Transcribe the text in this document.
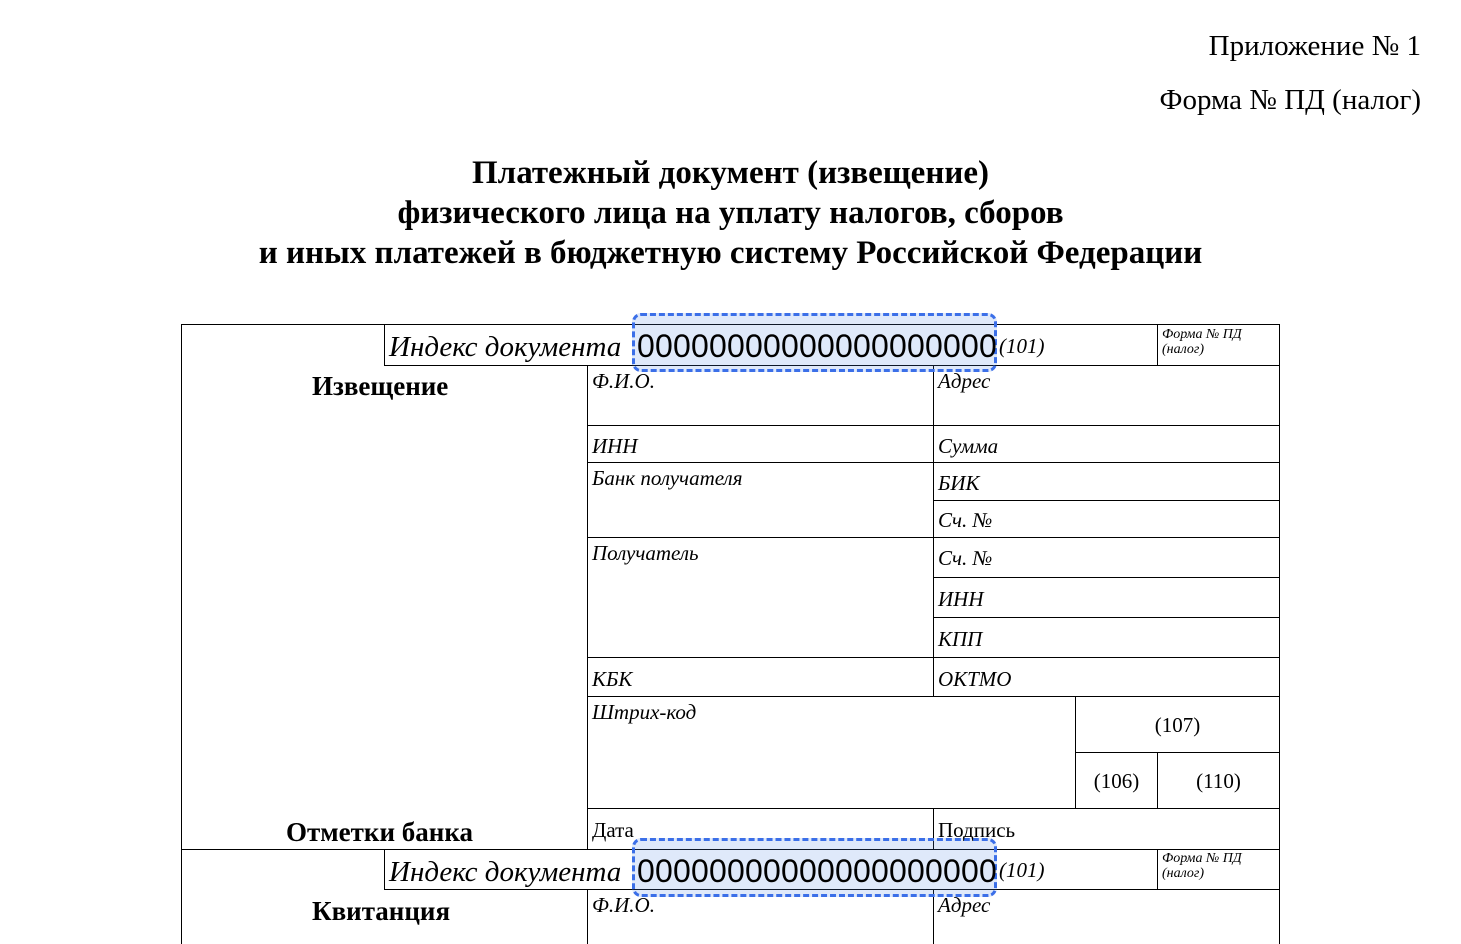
Приложение № 1
Форма № ПД (налог)
Платежный документ (извещение)
физического лица на уплату налогов, сборов
и иных платежей в бюджетную систему Российской Федерации
Извещение
Отметки банка
Индекс документа 00000000000000000000 (101)	Форма № ПД (налог)
Ф.И.О.	Адрес
ИНН	Сумма
Банк получателя	БИК
Сч. №
Получатель	Сч. №
ИНН
КПП
КБК	ОКТМО
Штрих-код
(107)
(106)	(110)
Дата	Подпись
Квитанция
Индекс документа 00000000000000000000 (101)	Форма № ПД (налог)
Ф.И.О.	Адрес
